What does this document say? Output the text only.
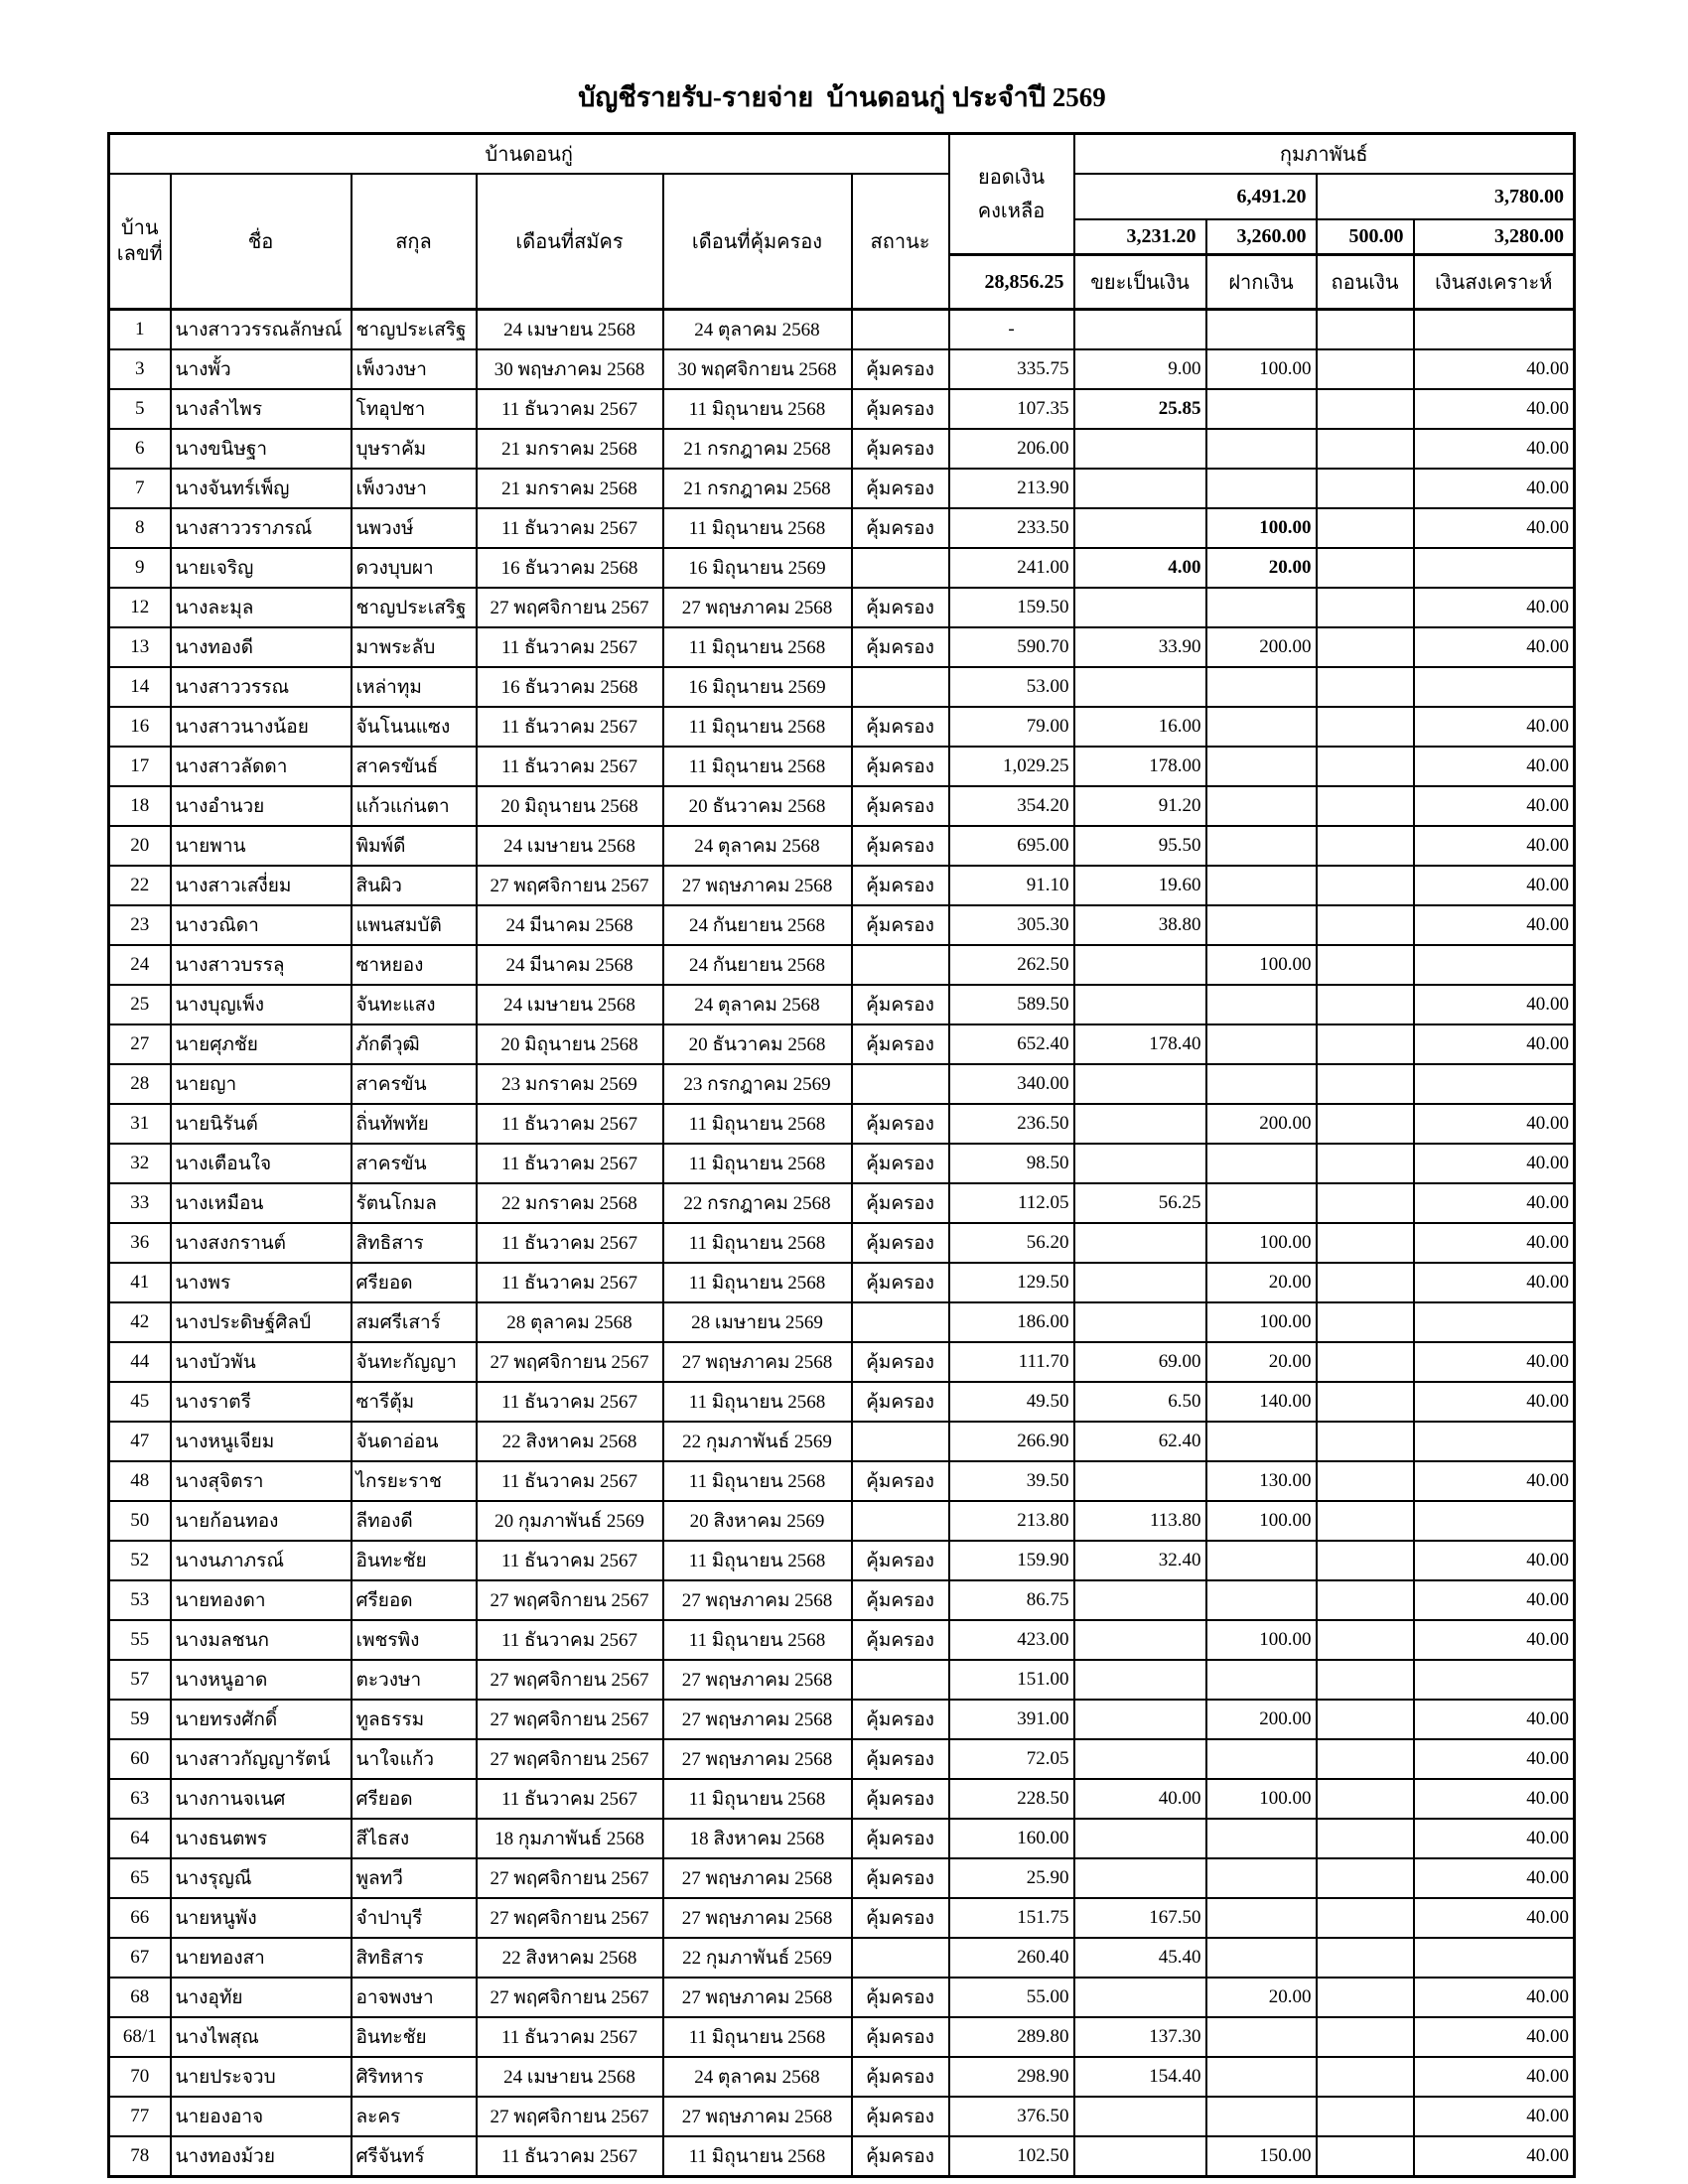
บัญชีรายรับ-รายจ่าย  บ้านดอนกู่ ประจำปี 2569
บ้านดอนกู่						ยอดเงิน
คงเหลือ	กุมภาพันธ์			

บ้าน
เลขที่	ชื่อ	สกุล	เดือนที่สมัคร	เดือนที่คุ้มครอง	สถานะ		6,491.20		3,780.00	
							3,231.20	3,260.00	500.00	3,280.00
						28,856.25	ขยะเป็นเงิน	ฝากเงิน	ถอนเงิน	เงินสงเคราะห์
1	นางสาววรรณลักษณ์	ชาญประเสริฐ	24 เมษายน 2568	24 ตุลาคม 2568		-				
3	นางพั้ว	เพ็งวงษา	30 พฤษภาคม 2568	30 พฤศจิกายน 2568	คุ้มครอง	335.75	9.00	100.00		40.00
5	นางลำไพร	โทอุปชา	11 ธันวาคม 2567	11 มิถุนายน 2568	คุ้มครอง	107.35	25.85			40.00
6	นางขนิษฐา	บุษราคัม	21 มกราคม 2568	21 กรกฎาคม 2568	คุ้มครอง	206.00				40.00
7	นางจันทร์เพ็ญ	เพ็งวงษา	21 มกราคม 2568	21 กรกฎาคม 2568	คุ้มครอง	213.90				40.00
8	นางสาววราภรณ์	นพวงษ์	11 ธันวาคม 2567	11 มิถุนายน 2568	คุ้มครอง	233.50		100.00		40.00
9	นายเจริญ	ดวงบุบผา	16 ธันวาคม 2568	16 มิถุนายน 2569		241.00	4.00	20.00		
12	นางละมุล	ชาญประเสริฐ	27 พฤศจิกายน 2567	27 พฤษภาคม 2568	คุ้มครอง	159.50				40.00
13	นางทองดี	มาพระลับ	11 ธันวาคม 2567	11 มิถุนายน 2568	คุ้มครอง	590.70	33.90	200.00		40.00
14	นางสาววรรณ	เหล่าทุม	16 ธันวาคม 2568	16 มิถุนายน 2569		53.00				
16	นางสาวนางน้อย	จันโนนแซง	11 ธันวาคม 2567	11 มิถุนายน 2568	คุ้มครอง	79.00	16.00			40.00
17	นางสาวลัดดา	สาครขันธ์	11 ธันวาคม 2567	11 มิถุนายน 2568	คุ้มครอง	1,029.25	178.00			40.00
18	นางอำนวย	แก้วแก่นตา	20 มิถุนายน 2568	20 ธันวาคม 2568	คุ้มครอง	354.20	91.20			40.00
20	นายพาน	พิมพ์ดี	24 เมษายน 2568	24 ตุลาคม 2568	คุ้มครอง	695.00	95.50			40.00
22	นางสาวเสงี่ยม	สินผิว	27 พฤศจิกายน 2567	27 พฤษภาคม 2568	คุ้มครอง	91.10	19.60			40.00
23	นางวณิดา	แพนสมบัติ	24 มีนาคม 2568	24 กันยายน 2568	คุ้มครอง	305.30	38.80			40.00
24	นางสาวบรรลุ	ซาหยอง	24 มีนาคม 2568	24 กันยายน 2568		262.50		100.00		
25	นางบุญเพ็ง	จันทะแสง	24 เมษายน 2568	24 ตุลาคม 2568	คุ้มครอง	589.50				40.00
27	นายศุภชัย	ภักดีวุฒิ	20 มิถุนายน 2568	20 ธันวาคม 2568	คุ้มครอง	652.40	178.40			40.00
28	นายญา	สาครขัน	23 มกราคม 2569	23 กรกฎาคม 2569		340.00				
31	นายนิรันต์	ถิ่นทัพทัย	11 ธันวาคม 2567	11 มิถุนายน 2568	คุ้มครอง	236.50		200.00		40.00
32	นางเตือนใจ	สาครขัน	11 ธันวาคม 2567	11 มิถุนายน 2568	คุ้มครอง	98.50				40.00
33	นางเหมือน	รัตนโกมล	22 มกราคม 2568	22 กรกฎาคม 2568	คุ้มครอง	112.05	56.25			40.00
36	นางสงกรานต์	สิทธิสาร	11 ธันวาคม 2567	11 มิถุนายน 2568	คุ้มครอง	56.20		100.00		40.00
41	นางพร	ศรียอด	11 ธันวาคม 2567	11 มิถุนายน 2568	คุ้มครอง	129.50		20.00		40.00
42	นางประดิษฐ์ศิลป์	สมศรีเสาร์	28 ตุลาคม 2568	28 เมษายน 2569		186.00		100.00		
44	นางบัวพัน	จันทะกัญญา	27 พฤศจิกายน 2567	27 พฤษภาคม 2568	คุ้มครอง	111.70	69.00	20.00		40.00
45	นางราตรี	ซารีตุ้ม	11 ธันวาคม 2567	11 มิถุนายน 2568	คุ้มครอง	49.50	6.50	140.00		40.00
47	นางหนูเจียม	จันดาอ่อน	22 สิงหาคม 2568	22 กุมภาพันธ์ 2569		266.90	62.40			
48	นางสุจิตรา	ไกรยะราช	11 ธันวาคม 2567	11 มิถุนายน 2568	คุ้มครอง	39.50		130.00		40.00
50	นายก้อนทอง	ลีทองดี	20 กุมภาพันธ์ 2569	20 สิงหาคม 2569		213.80	113.80	100.00		
52	นางนภาภรณ์	อินทะชัย	11 ธันวาคม 2567	11 มิถุนายน 2568	คุ้มครอง	159.90	32.40			40.00
53	นายทองดา	ศรียอด	27 พฤศจิกายน 2567	27 พฤษภาคม 2568	คุ้มครอง	86.75				40.00
55	นางมลชนก	เพชรพิง	11 ธันวาคม 2567	11 มิถุนายน 2568	คุ้มครอง	423.00		100.00		40.00
57	นางหนูอาด	ตะวงษา	27 พฤศจิกายน 2567	27 พฤษภาคม 2568		151.00				
59	นายทรงศักดิ์	ทูลธรรม	27 พฤศจิกายน 2567	27 พฤษภาคม 2568	คุ้มครอง	391.00		200.00		40.00
60	นางสาวกัญญารัตน์	นาใจแก้ว	27 พฤศจิกายน 2567	27 พฤษภาคม 2568	คุ้มครอง	72.05				40.00
63	นางกานจเนศ	ศรียอด	11 ธันวาคม 2567	11 มิถุนายน 2568	คุ้มครอง	228.50	40.00	100.00		40.00
64	นางธนตพร	สีไธสง	18 กุมภาพันธ์ 2568	18 สิงหาคม 2568	คุ้มครอง	160.00				40.00
65	นางรุญณี	พูลทวี	27 พฤศจิกายน 2567	27 พฤษภาคม 2568	คุ้มครอง	25.90				40.00
66	นายหนูพัง	จำปาบุรี	27 พฤศจิกายน 2567	27 พฤษภาคม 2568	คุ้มครอง	151.75	167.50			40.00
67	นายทองสา	สิทธิสาร	22 สิงหาคม 2568	22 กุมภาพันธ์ 2569		260.40	45.40			
68	นางอุทัย	อาจพงษา	27 พฤศจิกายน 2567	27 พฤษภาคม 2568	คุ้มครอง	55.00		20.00		40.00
68/1	นางไพสุณ	อินทะชัย	11 ธันวาคม 2567	11 มิถุนายน 2568	คุ้มครอง	289.80	137.30			40.00
70	นายประจวบ	ศิริทหาร	24 เมษายน 2568	24 ตุลาคม 2568	คุ้มครอง	298.90	154.40			40.00
77	นายองอาจ	ละคร	27 พฤศจิกายน 2567	27 พฤษภาคม 2568	คุ้มครอง	376.50				40.00
78	นางทองม้วย	ศรีจันทร์	11 ธันวาคม 2567	11 มิถุนายน 2568	คุ้มครอง	102.50		150.00		40.00
